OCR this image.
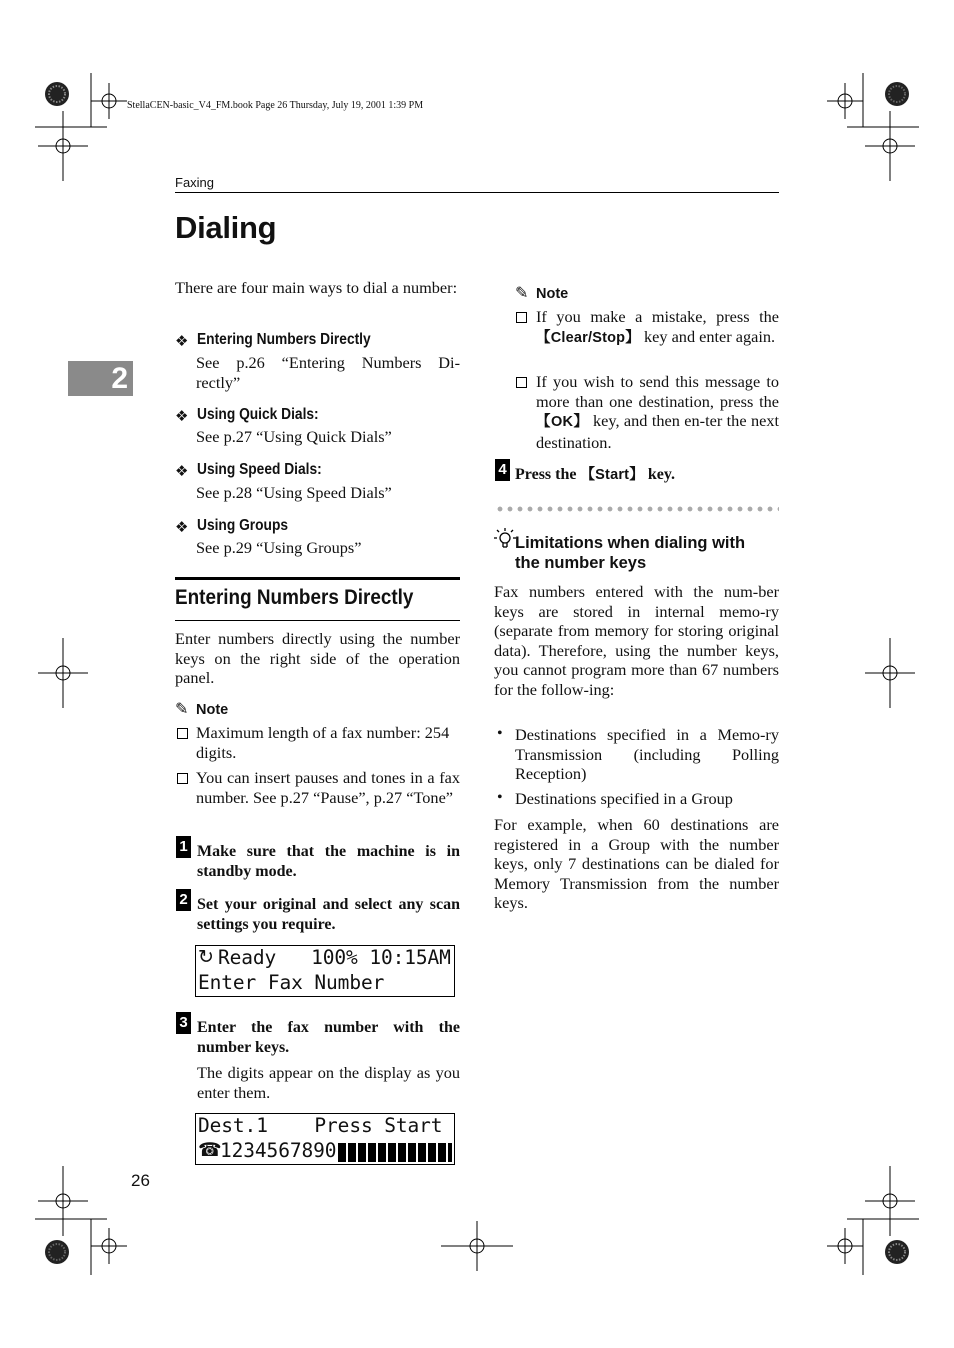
StellaCEN-basic_V4_FM.book Page 26 Thursday, July 19, 2001 1:39 PM
Faxing
Dialing
2
There are four main ways to dial a number:
❖ Entering Numbers Directly
See p.26 “Entering Numbers Di-
rectly”
❖ Using Quick Dials:
See p.27 “Using Quick Dials”
❖ Using Speed Dials:
See p.28 “Using Speed Dials”
❖ Using Groups
See p.29 “Using Groups”
Entering Numbers Directly
Enter numbers directly using the number keys on the right side of the operation panel.
✎ Note
Maximum length of a fax number: 254 digits.
You can insert pauses and tones in a fax number. See p.27 “Pause”, p.27 “Tone”
1 Make sure that the machine is in standby mode.
2 Set your original and select any scan settings you require.
↻ Ready   100% 10:15AM
Enter Fax Number
3 Enter the fax number with the number keys.
The digits appear on the display as you enter them.
Dest.1    Press Start
☎
1234567890
26
✎ Note
If you make a mistake, press the 【Clear/Stop】 key and enter again.
If you wish to send this message to more than one destination, press the 【OK】 key, and then en-ter the next destination.
4 Press the 【Start】 key.
Limitations when dialing with
the number keys
Fax numbers entered with the num-ber keys are stored in internal memo-ry (separate from memory for storing original data). Therefore, using the number keys, you cannot program more than 67 numbers for the follow-ing:
• Destinations specified in a Memo-ry Transmission (including Polling Reception)
• Destinations specified in a Group
For example, when 60 destinations are registered in a Group with the number keys, only 7 destinations can be dialed for Memory Transmission from the number keys.
